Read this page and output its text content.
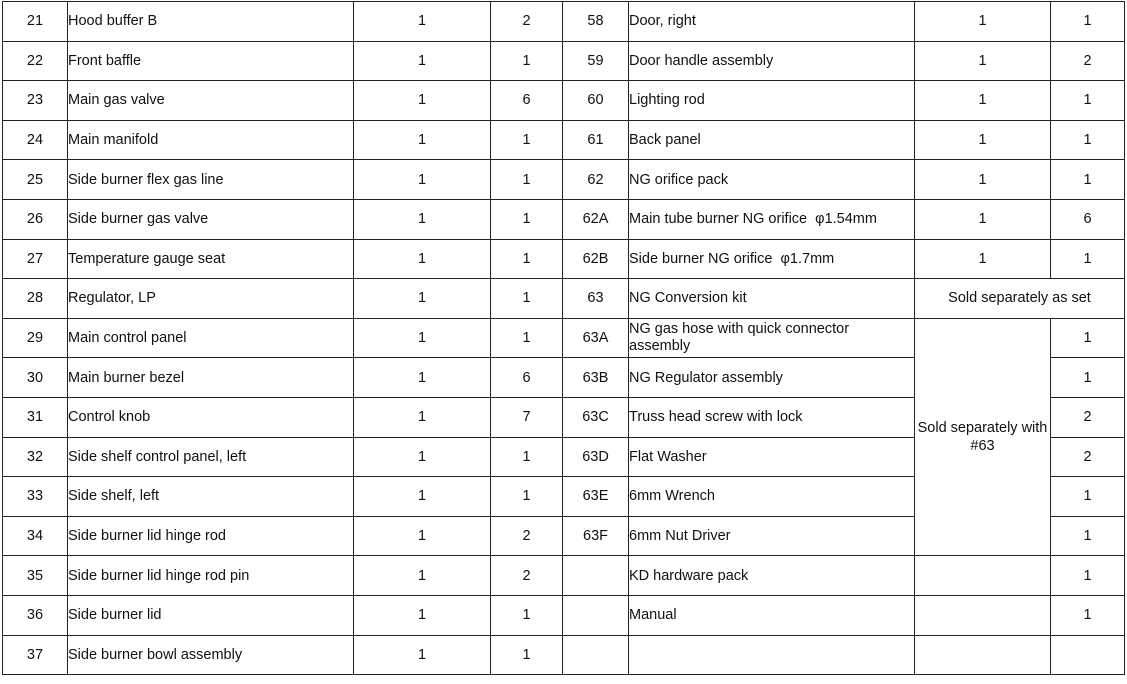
21	Hood buffer B	1	2	58	Door, right	1	1
22	Front baffle	1	1	59	Door handle assembly	1	2
23	Main gas valve	1	6	60	Lighting rod	1	1
24	Main manifold	1	1	61	Back panel	1	1
25	Side burner flex gas line	1	1	62	NG orifice pack	1	1
26	Side burner gas valve	1	1	62A	Main tube burner NG orifice  φ1.54mm	1	6
27	Temperature gauge seat	1	1	62B	Side burner NG orifice  φ1.7mm	1	1
28	Regulator, LP	1	1	63	NG Conversion kit	Sold separately as set	
29	Main control panel	1	1	63A	NG gas hose with quick connector assembly	Sold separately with #63	1
30	Main burner bezel	1	6	63B	NG Regulator assembly		1
31	Control knob	1	7	63C	Truss head screw with lock		2
32	Side shelf control panel, left	1	1	63D	Flat Washer		2
33	Side shelf, left	1	1	63E	6mm Wrench		1
34	Side burner lid hinge rod	1	2	63F	6mm Nut Driver		1
35	Side burner lid hinge rod pin	1	2		KD hardware pack		1
36	Side burner lid	1	1		Manual		1
37	Side burner bowl assembly	1	1				
